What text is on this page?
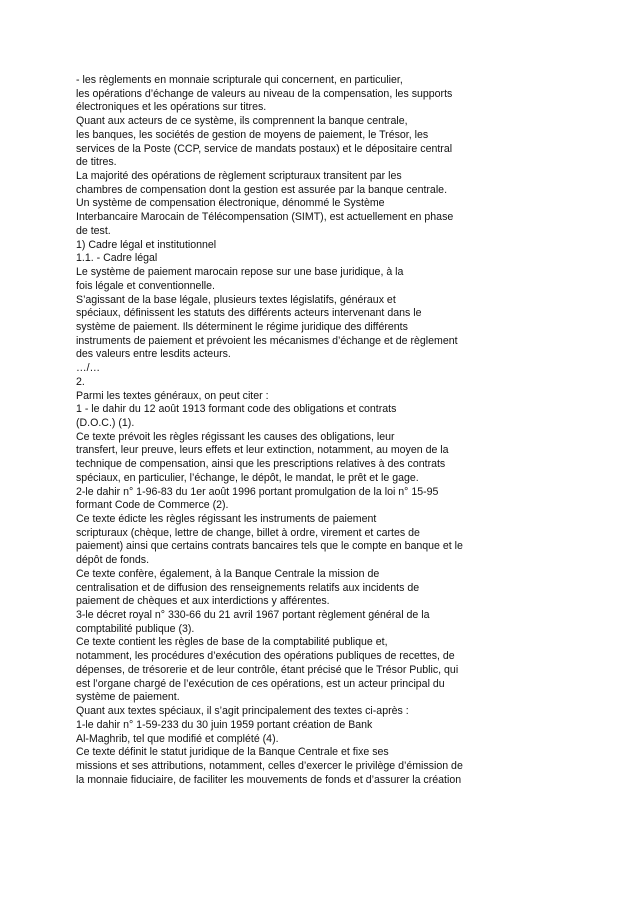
- les règlements en monnaie scripturale qui concernent, en particulier,
les opérations d’échange de valeurs au niveau de la compensation, les supports
électroniques et les opérations sur titres.
Quant aux acteurs de ce système, ils comprennent la banque centrale,
les banques, les sociétés de gestion de moyens de paiement, le Trésor, les
services de la Poste (CCP, service de mandats postaux) et le dépositaire central
de titres.
La majorité des opérations de règlement scripturaux transitent par les
chambres de compensation dont la gestion est assurée par la banque centrale.
Un système de compensation électronique, dénommé le Système
Interbancaire Marocain de Télécompensation (SIMT), est actuellement en phase
de test.
1) Cadre légal et institutionnel
1.1. - Cadre légal
Le système de paiement marocain repose sur une base juridique, à la
fois légale et conventionnelle.
S’agissant de la base légale, plusieurs textes législatifs, généraux et
spéciaux, définissent les statuts des différents acteurs intervenant dans le
système de paiement. Ils déterminent le régime juridique des différents
instruments de paiement et prévoient les mécanismes d’échange et de règlement
des valeurs entre lesdits acteurs.
…/…
2.
Parmi les textes généraux, on peut citer :
1 - le dahir du 12 août 1913 formant code des obligations et contrats
(D.O.C.) (1).
Ce texte prévoit les règles régissant les causes des obligations, leur
transfert, leur preuve, leurs effets et leur extinction, notamment, au moyen de la
technique de compensation, ainsi que les prescriptions relatives à des contrats
spéciaux, en particulier, l’échange, le dépôt, le mandat, le prêt et le gage.
2-le dahir n° 1-96-83 du 1er août 1996 portant promulgation de la loi n° 15-95
formant Code de Commerce (2).
Ce texte édicte les règles régissant les instruments de paiement
scripturaux (chèque, lettre de change, billet à ordre, virement et cartes de
paiement) ainsi que certains contrats bancaires tels que le compte en banque et le
dépôt de fonds.
Ce texte confère, également, à la Banque Centrale la mission de
centralisation et de diffusion des renseignements relatifs aux incidents de
paiement de chèques et aux interdictions y afférentes.
3-le décret royal n° 330-66 du 21 avril 1967 portant règlement général de la
comptabilité publique (3).
Ce texte contient les règles de base de la comptabilité publique et,
notamment, les procédures d’exécution des opérations publiques de recettes, de
dépenses, de trésorerie et de leur contrôle, étant précisé que le Trésor Public, qui
est l’organe chargé de l’exécution de ces opérations, est un acteur principal du
système de paiement.
Quant aux textes spéciaux, il s’agit principalement des textes ci-après :
1-le dahir n° 1-59-233 du 30 juin 1959 portant création de Bank
Al-Maghrib, tel que modifié et complété (4).
Ce texte définit le statut juridique de la Banque Centrale et fixe ses
missions et ses attributions, notamment, celles d’exercer le privilège d’émission de
la monnaie fiduciaire, de faciliter les mouvements de fonds et d’assurer la création
